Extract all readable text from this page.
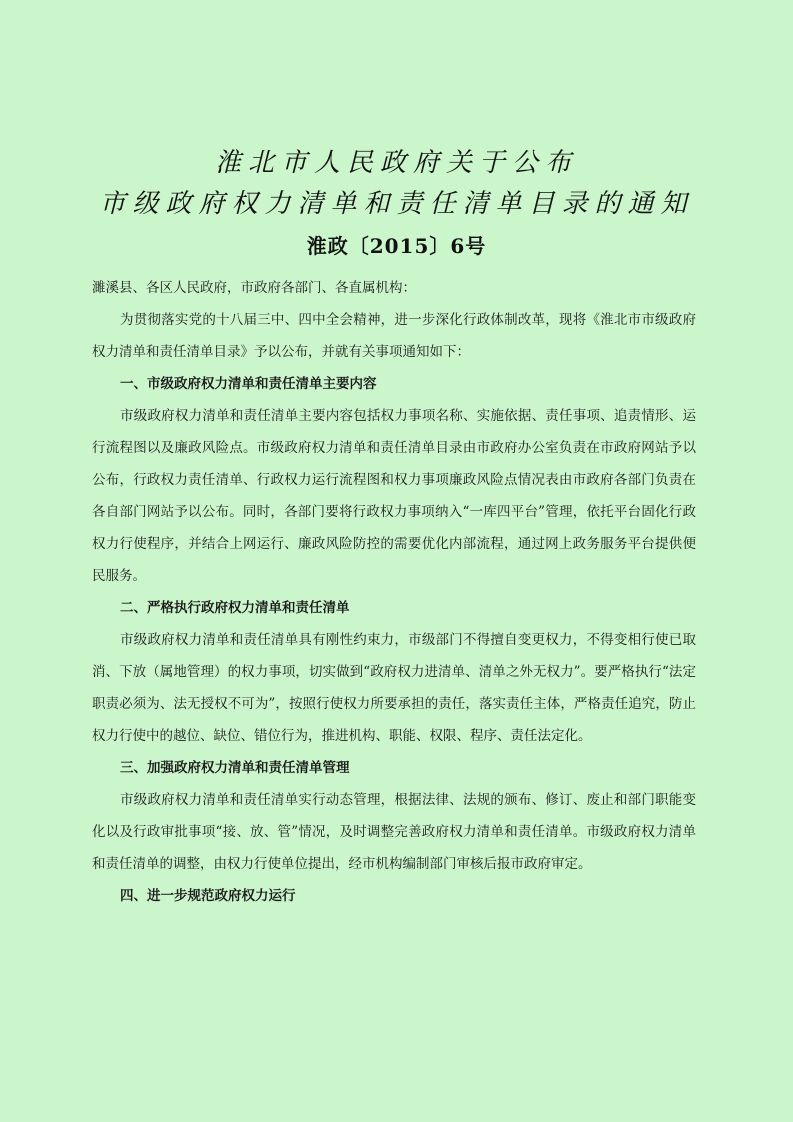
淮北市人民政府关于公布
市级政府权力清单和责任清单目录的通知
淮政〔2015〕6号

濉溪县、各区人民政府，市政府各部门、各直属机构：

为贯彻落实党的十八届三中、四中全会精神，进一步深化行政体制改革，现将《淮北市市级政府权力清单和责任清单目录》予以公布，并就有关事项通知如下：

一、市级政府权力清单和责任清单主要内容

市级政府权力清单和责任清单主要内容包括权力事项名称、实施依据、责任事项、追责情形、运行流程图以及廉政风险点。市级政府权力清单和责任清单目录由市政府办公室负责在市政府网站予以公布，行政权力责任清单、行政权力运行流程图和权力事项廉政风险点情况表由市政府各部门负责在各自部门网站予以公布。同时，各部门要将行政权力事项纳入“一库四平台”管理，依托平台固化行政权力行使程序，并结合上网运行、廉政风险防控的需要优化内部流程，通过网上政务服务平台提供便民服务。

二、严格执行政府权力清单和责任清单

市级政府权力清单和责任清单具有刚性约束力，市级部门不得擅自变更权力，不得变相行使已取消、下放（属地管理）的权力事项，切实做到“政府权力进清单、清单之外无权力”。要严格执行“法定职责必须为、法无授权不可为”，按照行使权力所要承担的责任，落实责任主体，严格责任追究，防止权力行使中的越位、缺位、错位行为，推进机构、职能、权限、程序、责任法定化。

三、加强政府权力清单和责任清单管理

市级政府权力清单和责任清单实行动态管理，根据法律、法规的颁布、修订、废止和部门职能变化以及行政审批事项“接、放、管”情况，及时调整完善政府权力清单和责任清单。市级政府权力清单和责任清单的调整，由权力行使单位提出，经市机构编制部门审核后报市政府审定。

四、进一步规范政府权力运行
